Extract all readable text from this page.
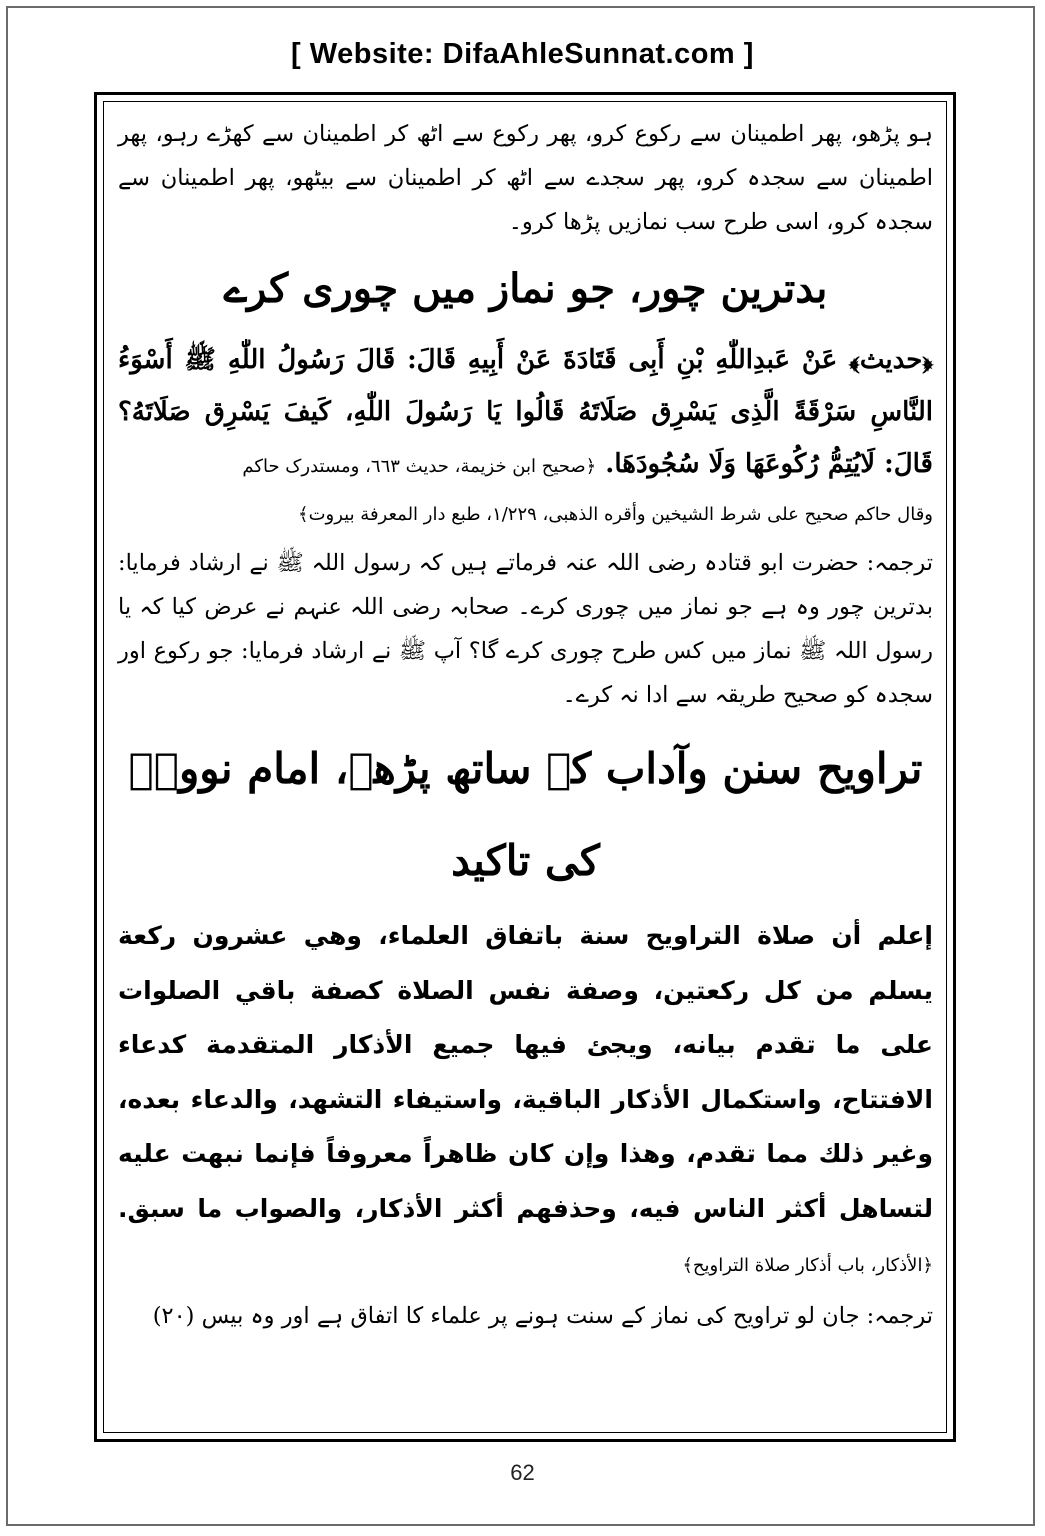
[ Website: DifaAhleSunnat.com ]

ہو پڑھو، پھر اطمینان سے رکوع کرو، پھر رکوع سے اٹھ کر اطمینان سے کھڑے رہو، پھر اطمینان سے سجدہ کرو، پھر سجدے سے اٹھ کر اطمینان سے بیٹھو، پھر اطمینان سے سجدہ کرو، اسی طرح سب نمازیں پڑھا کرو۔

بدترین چور، جو نماز میں چوری کرے

﴿حدیث﴾ عَنْ عَبدِاللّٰهِ بْنِ أَبِی قَتَادَةَ عَنْ أَبِیهِ قَالَ: قَالَ رَسُولُ اللّٰهِ ﷺ أَسْوَءُ النَّاسِ سَرْقَةً الَّذِی یَسْرِق صَلَاتَهُ قَالُوا یَا رَسُولَ اللّٰهِ، کَیفَ یَسْرِق صَلَاتَهُ؟ قَالَ: لَایُتِمُّ رُکُوعَهَا وَلَا سُجُودَهَا. ﴿صحیح ابن خزیمة، حدیث ٦٦٣، ومستدرک حاکم

وقال حاکم صحیح علی شرط الشیخین وأقره الذهبی، ١/٢٢٩، طبع دار المعرفة بیروت﴾

ترجمہ: حضرت ابو قتادہ رضی اللہ عنہ فرماتے ہیں کہ رسول اللہ ﷺ نے ارشاد فرمایا: بدترین چور وہ ہے جو نماز میں چوری کرے۔ صحابہ رضی اللہ عنہم نے عرض کیا کہ یا رسول اللہ ﷺ نماز میں کس طرح چوری کرے گا؟ آپ ﷺ نے ارشاد فرمایا: جو رکوع اور سجدہ کو صحیح طریقہ سے ادا نہ کرے۔

تراویح سنن وآداب کے ساتھ پڑھے، امام نوویؒ کی تاکید

إعلم أن صلاة التراويح سنة باتفاق العلماء، وهي عشرون ركعة يسلم من كل ركعتين، وصفة نفس الصلاة كصفة باقي الصلوات على ما تقدم بيانه، ويجئ فيها جميع الأذكار المتقدمة كدعاء الافتتاح، واستكمال الأذكار الباقية، واستيفاء التشهد، والدعاء بعده، وغير ذلك مما تقدم، وهذا وإن كان ظاهراً معروفاً فإنما نبهت عليه لتساهل أكثر الناس فيه، وحذفهم أكثر الأذكار، والصواب ما سبق. ﴿الأذكار، باب أذكار صلاة التراويح﴾

ترجمہ: جان لو تراویح کی نماز کے سنت ہونے پر علماء کا اتفاق ہے اور وہ بیس (٢٠)

62
